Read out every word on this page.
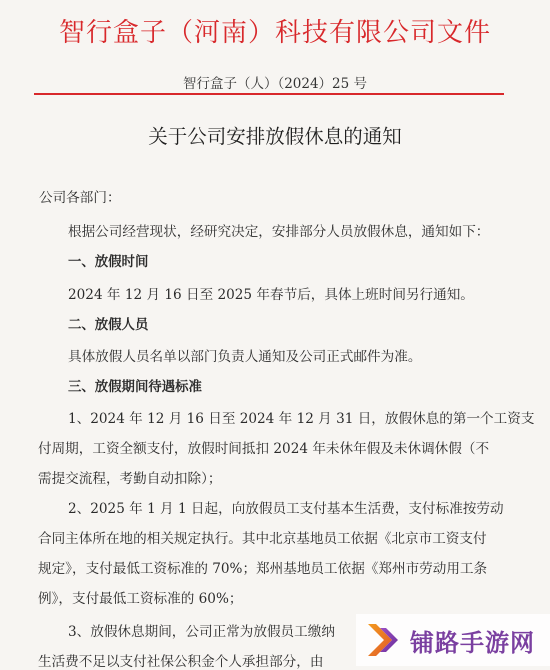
智行盒子（河南）科技有限公司文件
智行盒子（人）（2024）25 号
关于公司安排放假休息的通知
公司各部门：
根据公司经营现状，经研究决定，安排部分人员放假休息，通知如下：
一、放假时间
2024 年 12 月 16 日至 2025 年春节后，具体上班时间另行通知。
二、放假人员
具体放假人员名单以部门负责人通知及公司正式邮件为准。
三、放假期间待遇标准
1、2024 年 12 月 16 日至 2024 年 12 月 31 日，放假休息的第一个工资支
付周期，工资全额支付，放假时间抵扣 2024 年未休年假及未休调休假（不
需提交流程，考勤自动扣除）；
2、2025 年 1 月 1 日起，向放假员工支付基本生活费，支付标准按劳动
合同主体所在地的相关规定执行。其中北京基地员工依据《北京市工资支付
规定》，支付最低工资标准的 70%；郑州基地员工依据《郑州市劳动用工条
例》，支付最低工资标准的 60%；
3、放假休息期间，公司正常为放假员工缴纳
生活费不足以支付社保公积金个人承担部分，由
铺路手游网
